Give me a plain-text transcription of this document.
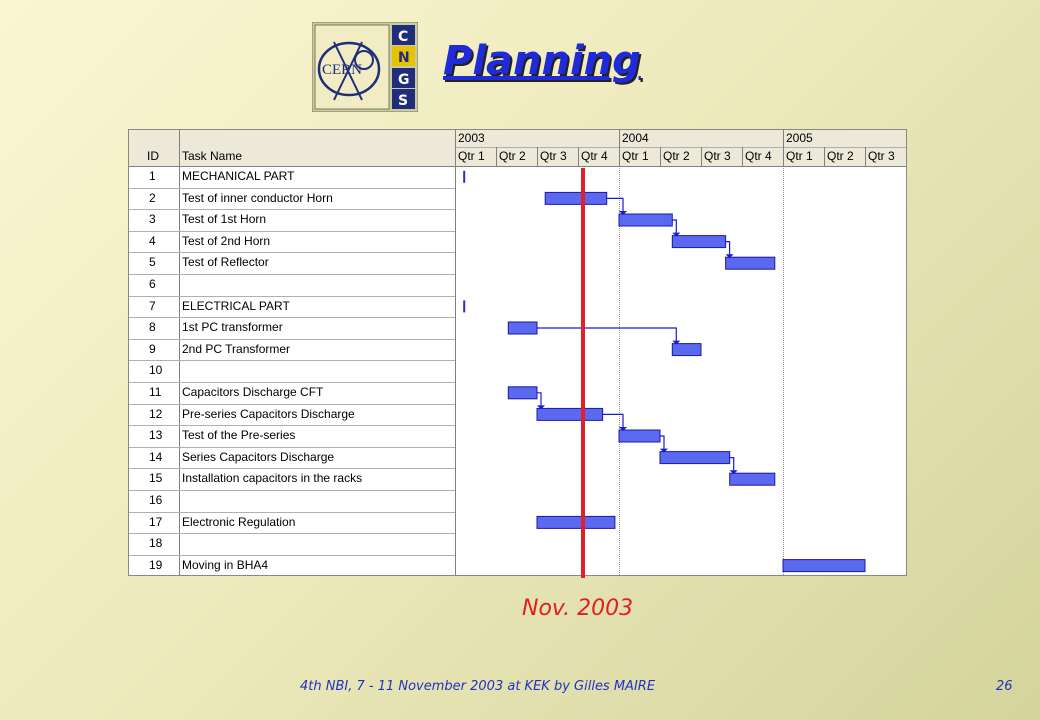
CERN
C
N
G
S
Planning
ID Task Name
2003	2004	2005
Qtr 1 Qtr 2 Qtr 3 Qtr 4 Qtr 1 Qtr 2 Qtr 3 Qtr 4 Qtr 1 Qtr 2 Qtr 3
1 MECHANICAL PART
2 Test of inner conductor Horn
3 Test of 1st Horn
4 Test of 2nd Horn
5 Test of Reflector
6
7 ELECTRICAL PART
8 1st PC transformer
9 2nd PC Transformer
10
11 Capacitors Discharge CFT
12 Pre-series Capacitors Discharge
13 Test of the Pre-series
14 Series Capacitors Discharge
15 Installation capacitors in the racks
16
17 Electronic Regulation
18
19 Moving in BHA4
Nov. 2003
4th NBI, 7 - 11 November 2003 at KEK by Gilles MAIRE	26
